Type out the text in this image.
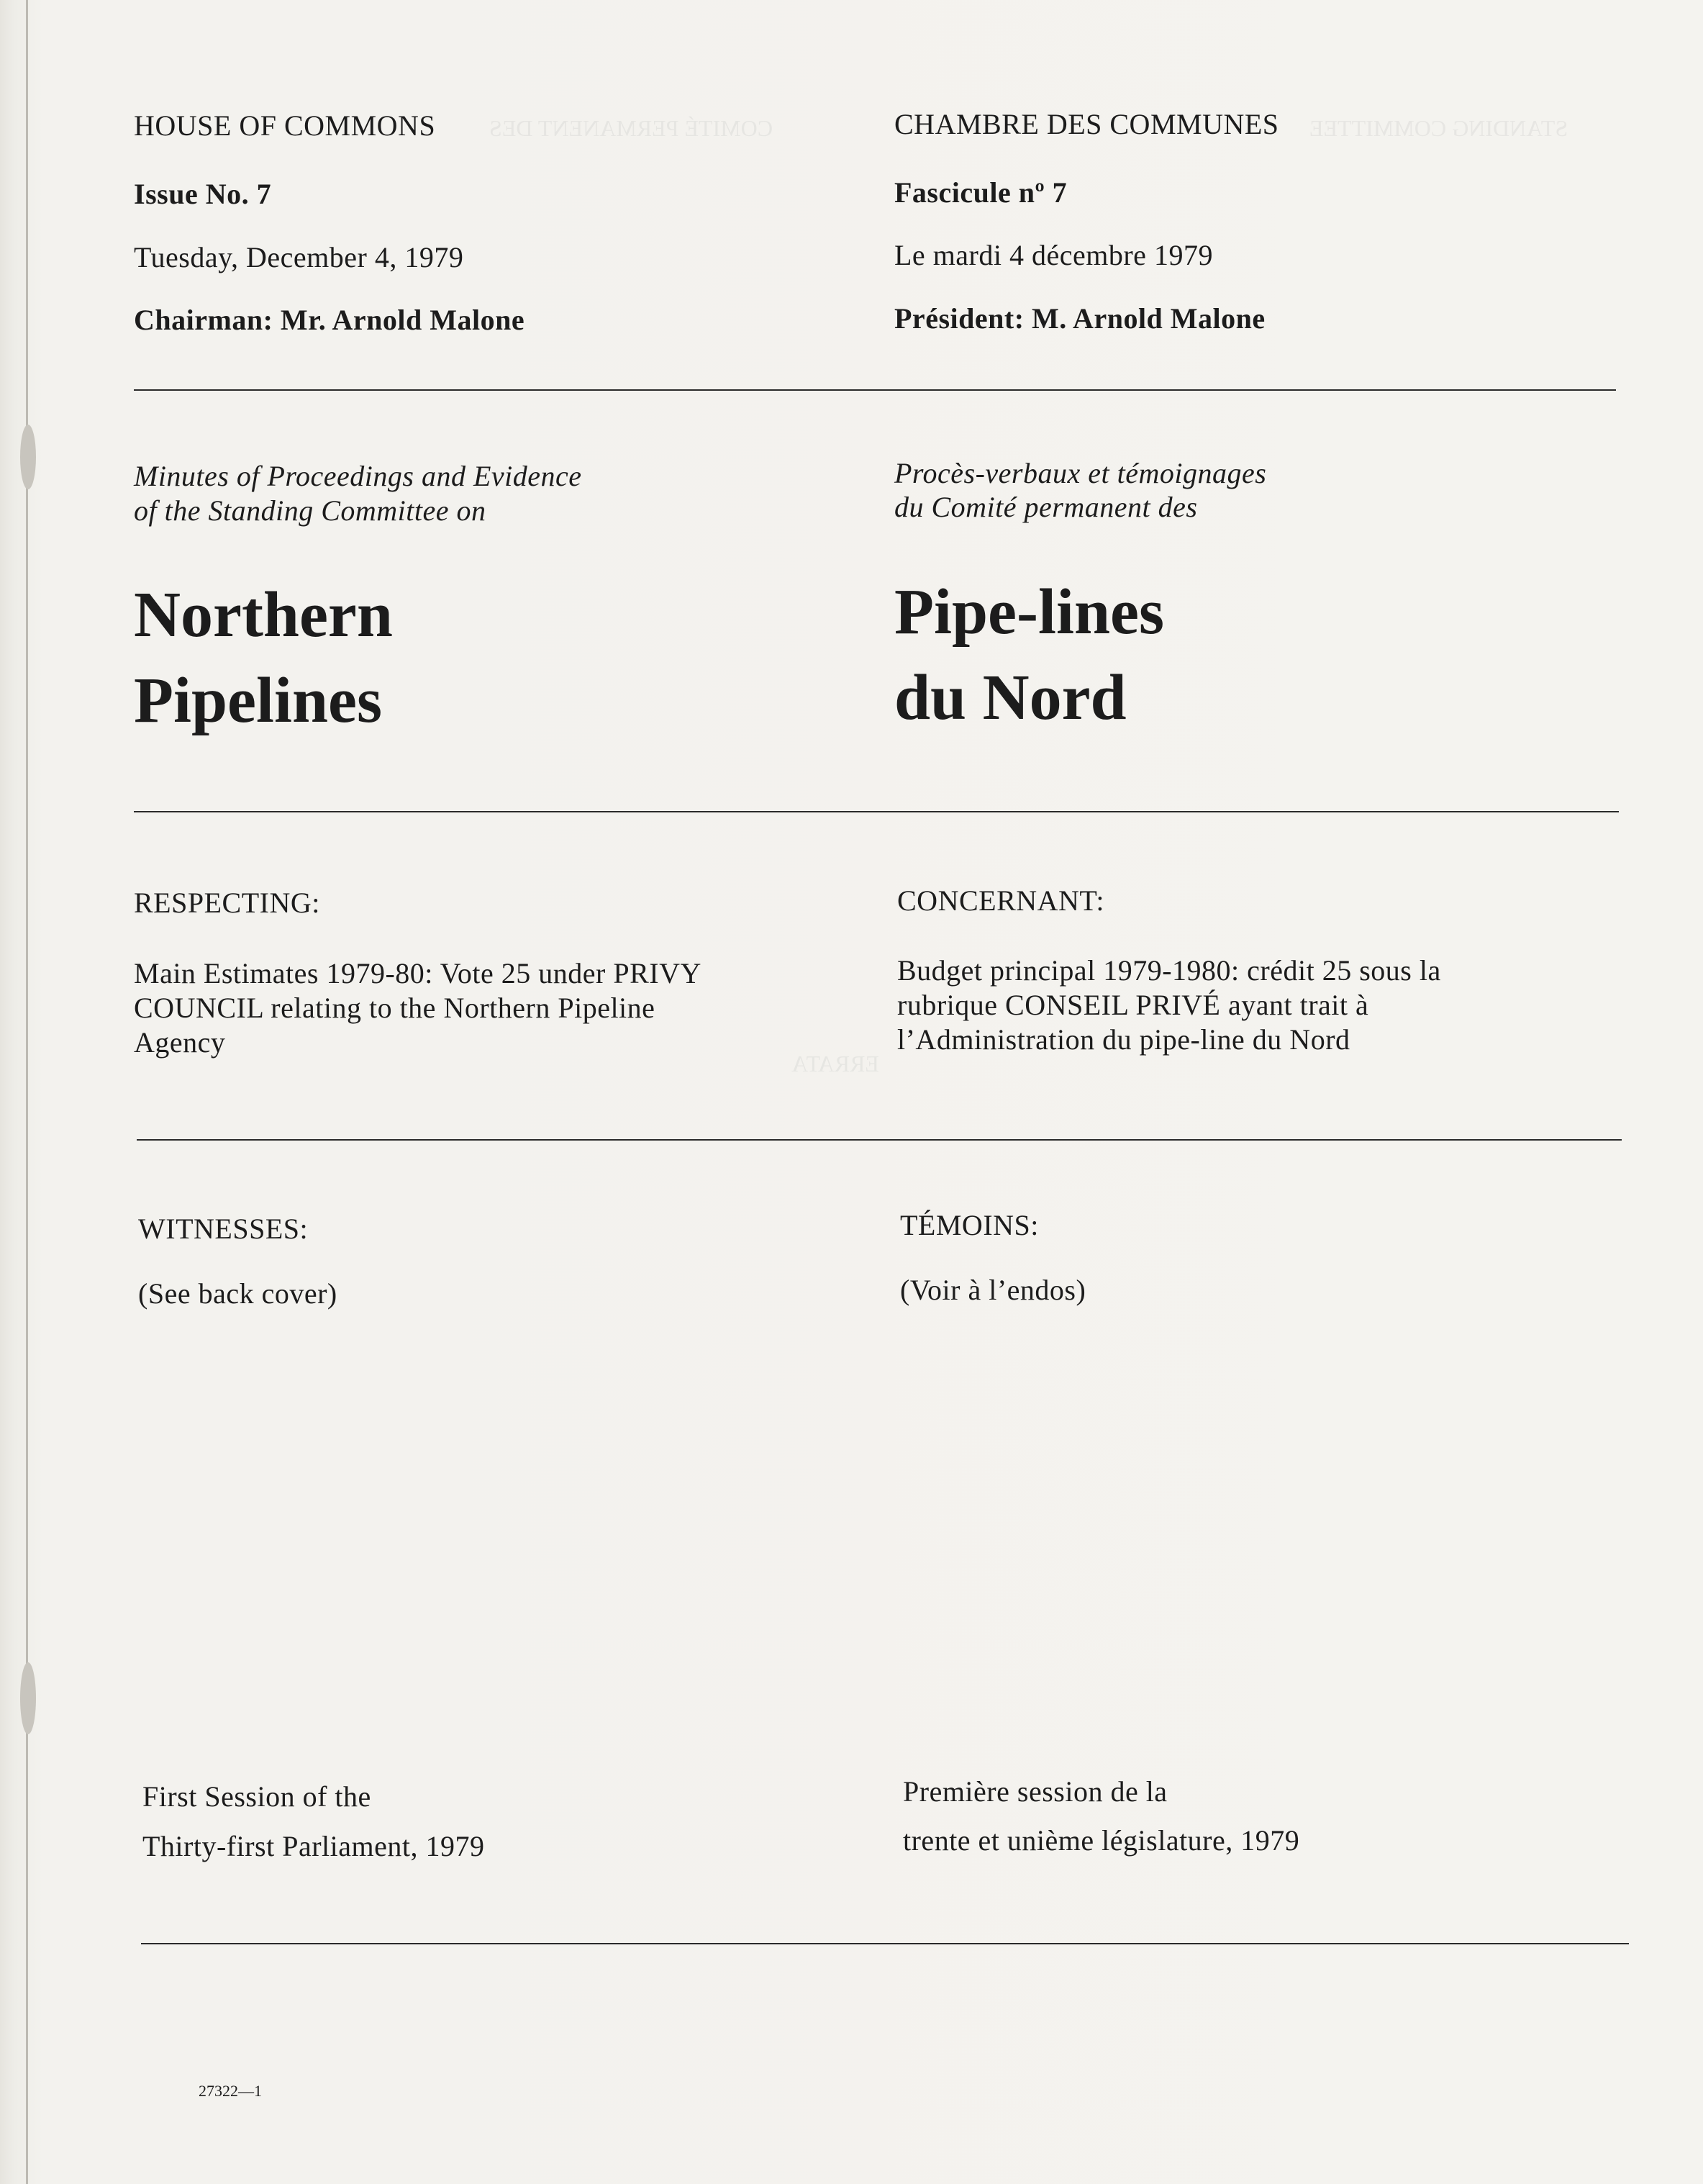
COMITÉ PERMANENT DES	STANDING COMMITTEE
ERRATA
HOUSE OF COMMONS
Issue No. 7
Tuesday, December 4, 1979
Chairman: Mr. Arnold Malone
Minutes of Proceedings and Evidence
of the Standing Committee on
Northern
Pipelines
RESPECTING:
Main Estimates 1979-80: Vote 25 under PRIVY
COUNCIL relating to the Northern Pipeline
Agency
WITNESSES:
(See back cover)
First Session of the
Thirty-first Parliament, 1979
CHAMBRE DES COMMUNES
Fascicule nº 7
Le mardi 4 décembre 1979
Président: M. Arnold Malone
Procès-verbaux et témoignages
du Comité permanent des
Pipe-lines
du Nord
CONCERNANT:
Budget principal 1979-1980: crédit 25 sous la
rubrique CONSEIL PRIVÉ ayant trait à
l’Administration du pipe-line du Nord
TÉMOINS:
(Voir à l’endos)
Première session de la
trente et unième législature, 1979
27322—1
